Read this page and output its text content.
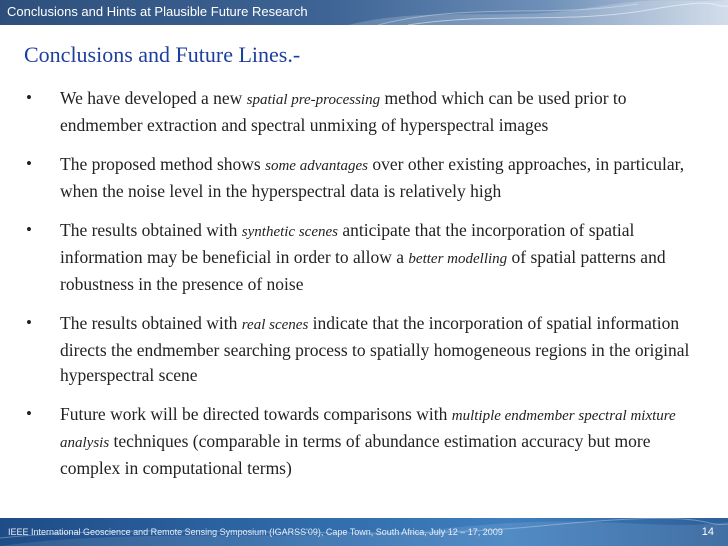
Conclusions and Hints at Plausible Future Research
Conclusions and Future Lines.-
• We have developed a new spatial pre-processing method which can be used prior to endmember extraction and spectral unmixing of hyperspectral images
• The proposed method shows some advantages over other existing approaches, in particular, when the noise level in the hyperspectral data is relatively high
• The results obtained with synthetic scenes anticipate that the incorporation of spatial information may be beneficial in order to allow a better modelling of spatial patterns and robustness in the presence of noise
• The results obtained with real scenes indicate that the incorporation of spatial information directs the endmember searching process to spatially homogeneous regions in the original hyperspectral scene
• Future work will be directed towards comparisons with multiple endmember spectral mixture analysis techniques (comparable in terms of abundance estimation accuracy but more complex in computational terms)
IEEE International Geoscience and Remote Sensing Symposium (IGARSS'09), Cape Town, South Africa, July 12 – 17, 2009	14
